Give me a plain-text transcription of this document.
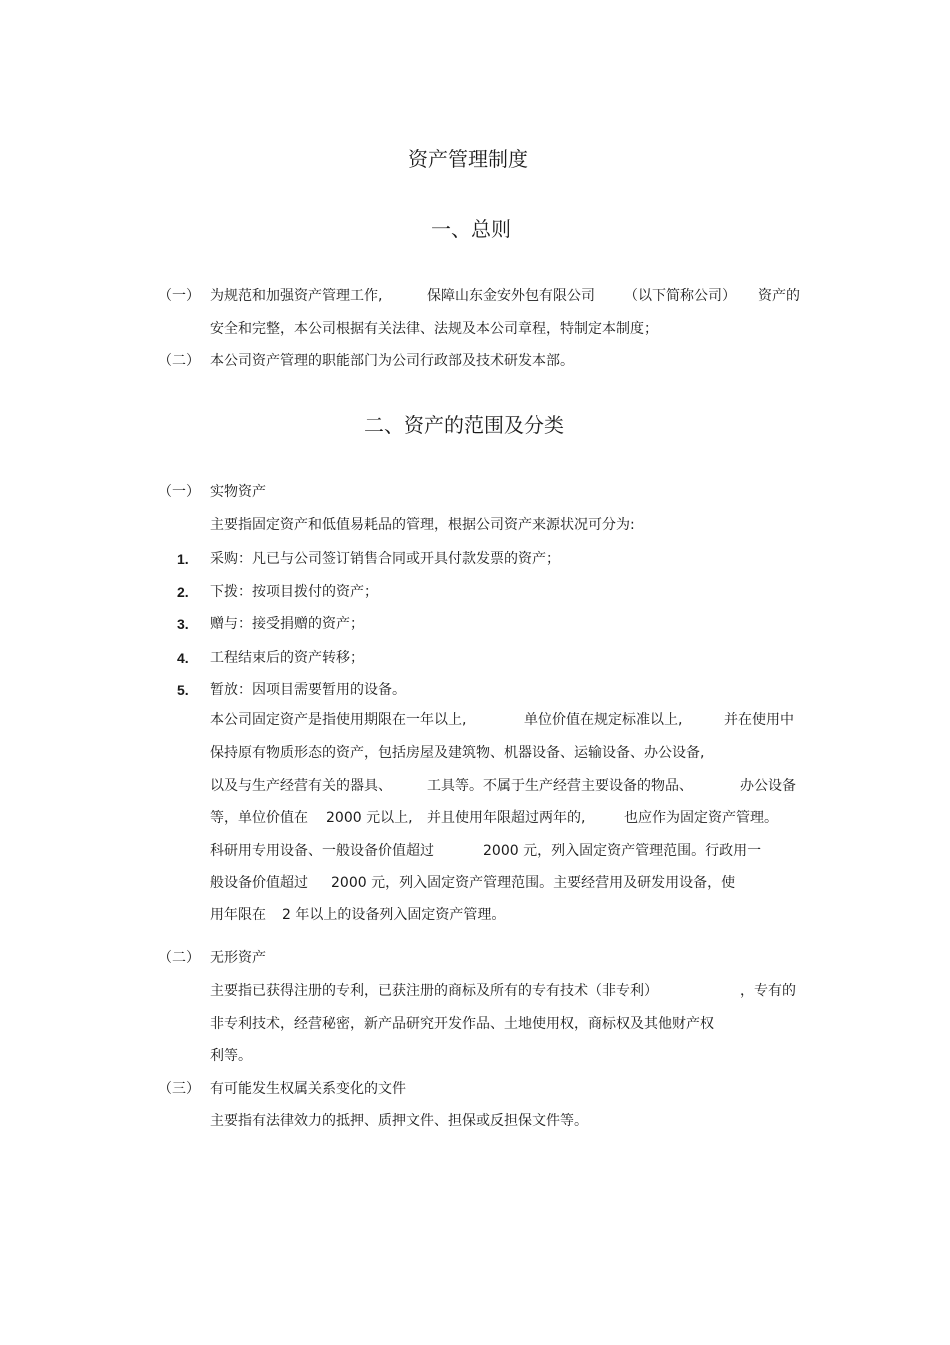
资产管理制度
一、总则
（一） 为规范和加强资产管理工作,	保障山东金安外包有限公司 （以下简称公司） 资产的
安全和完整，本公司根据有关法律、法规及本公司章程，特制定本制度；
（二） 本公司资产管理的职能部门为公司行政部及技术研发本部。
二、资产的范围及分类
（一） 实物资产
主要指固定资产和低值易耗品的管理，根据公司资产来源状况可分为:
1. 采购：凡已与公司签订销售合同或开具付款发票的资产；
2. 下拨：按项目拨付的资产；
3. 赠与：接受捐赠的资产；
4. 工程结束后的资产转移；
5. 暂放：因项目需要暂用的设备。
本公司固定资产是指使用期限在一年以上,	单位价值在规定标准以上,	并在使用中
保持原有物质形态的资产，包括房屋及建筑物、机器设备、运输设备、办公设备,
以及与生产经营有关的器具、	工具等。不属于生产经营主要设备的物品、	办公设备
等，单位价值在 2000 元以上, 并且使用年限超过两年的,	也应作为固定资产管理。
科研用专用设备、一般设备价值超过	2000 元，列入固定资产管理范围。行政用一
般设备价值超过 2000 元，列入固定资产管理范围。主要经营用及研发用设备，使
用年限在 2 年以上的设备列入固定资产管理。
（二） 无形资产
主要指已获得注册的专利，已获注册的商标及所有的专有技术（非专利）	，专有的
非专利技术，经营秘密，新产品研究开发作品、土地使用权，商标权及其他财产权
利等。
（三） 有可能发生权属关系变化的文件
主要指有法律效力的抵押、质押文件、担保或反担保文件等。
